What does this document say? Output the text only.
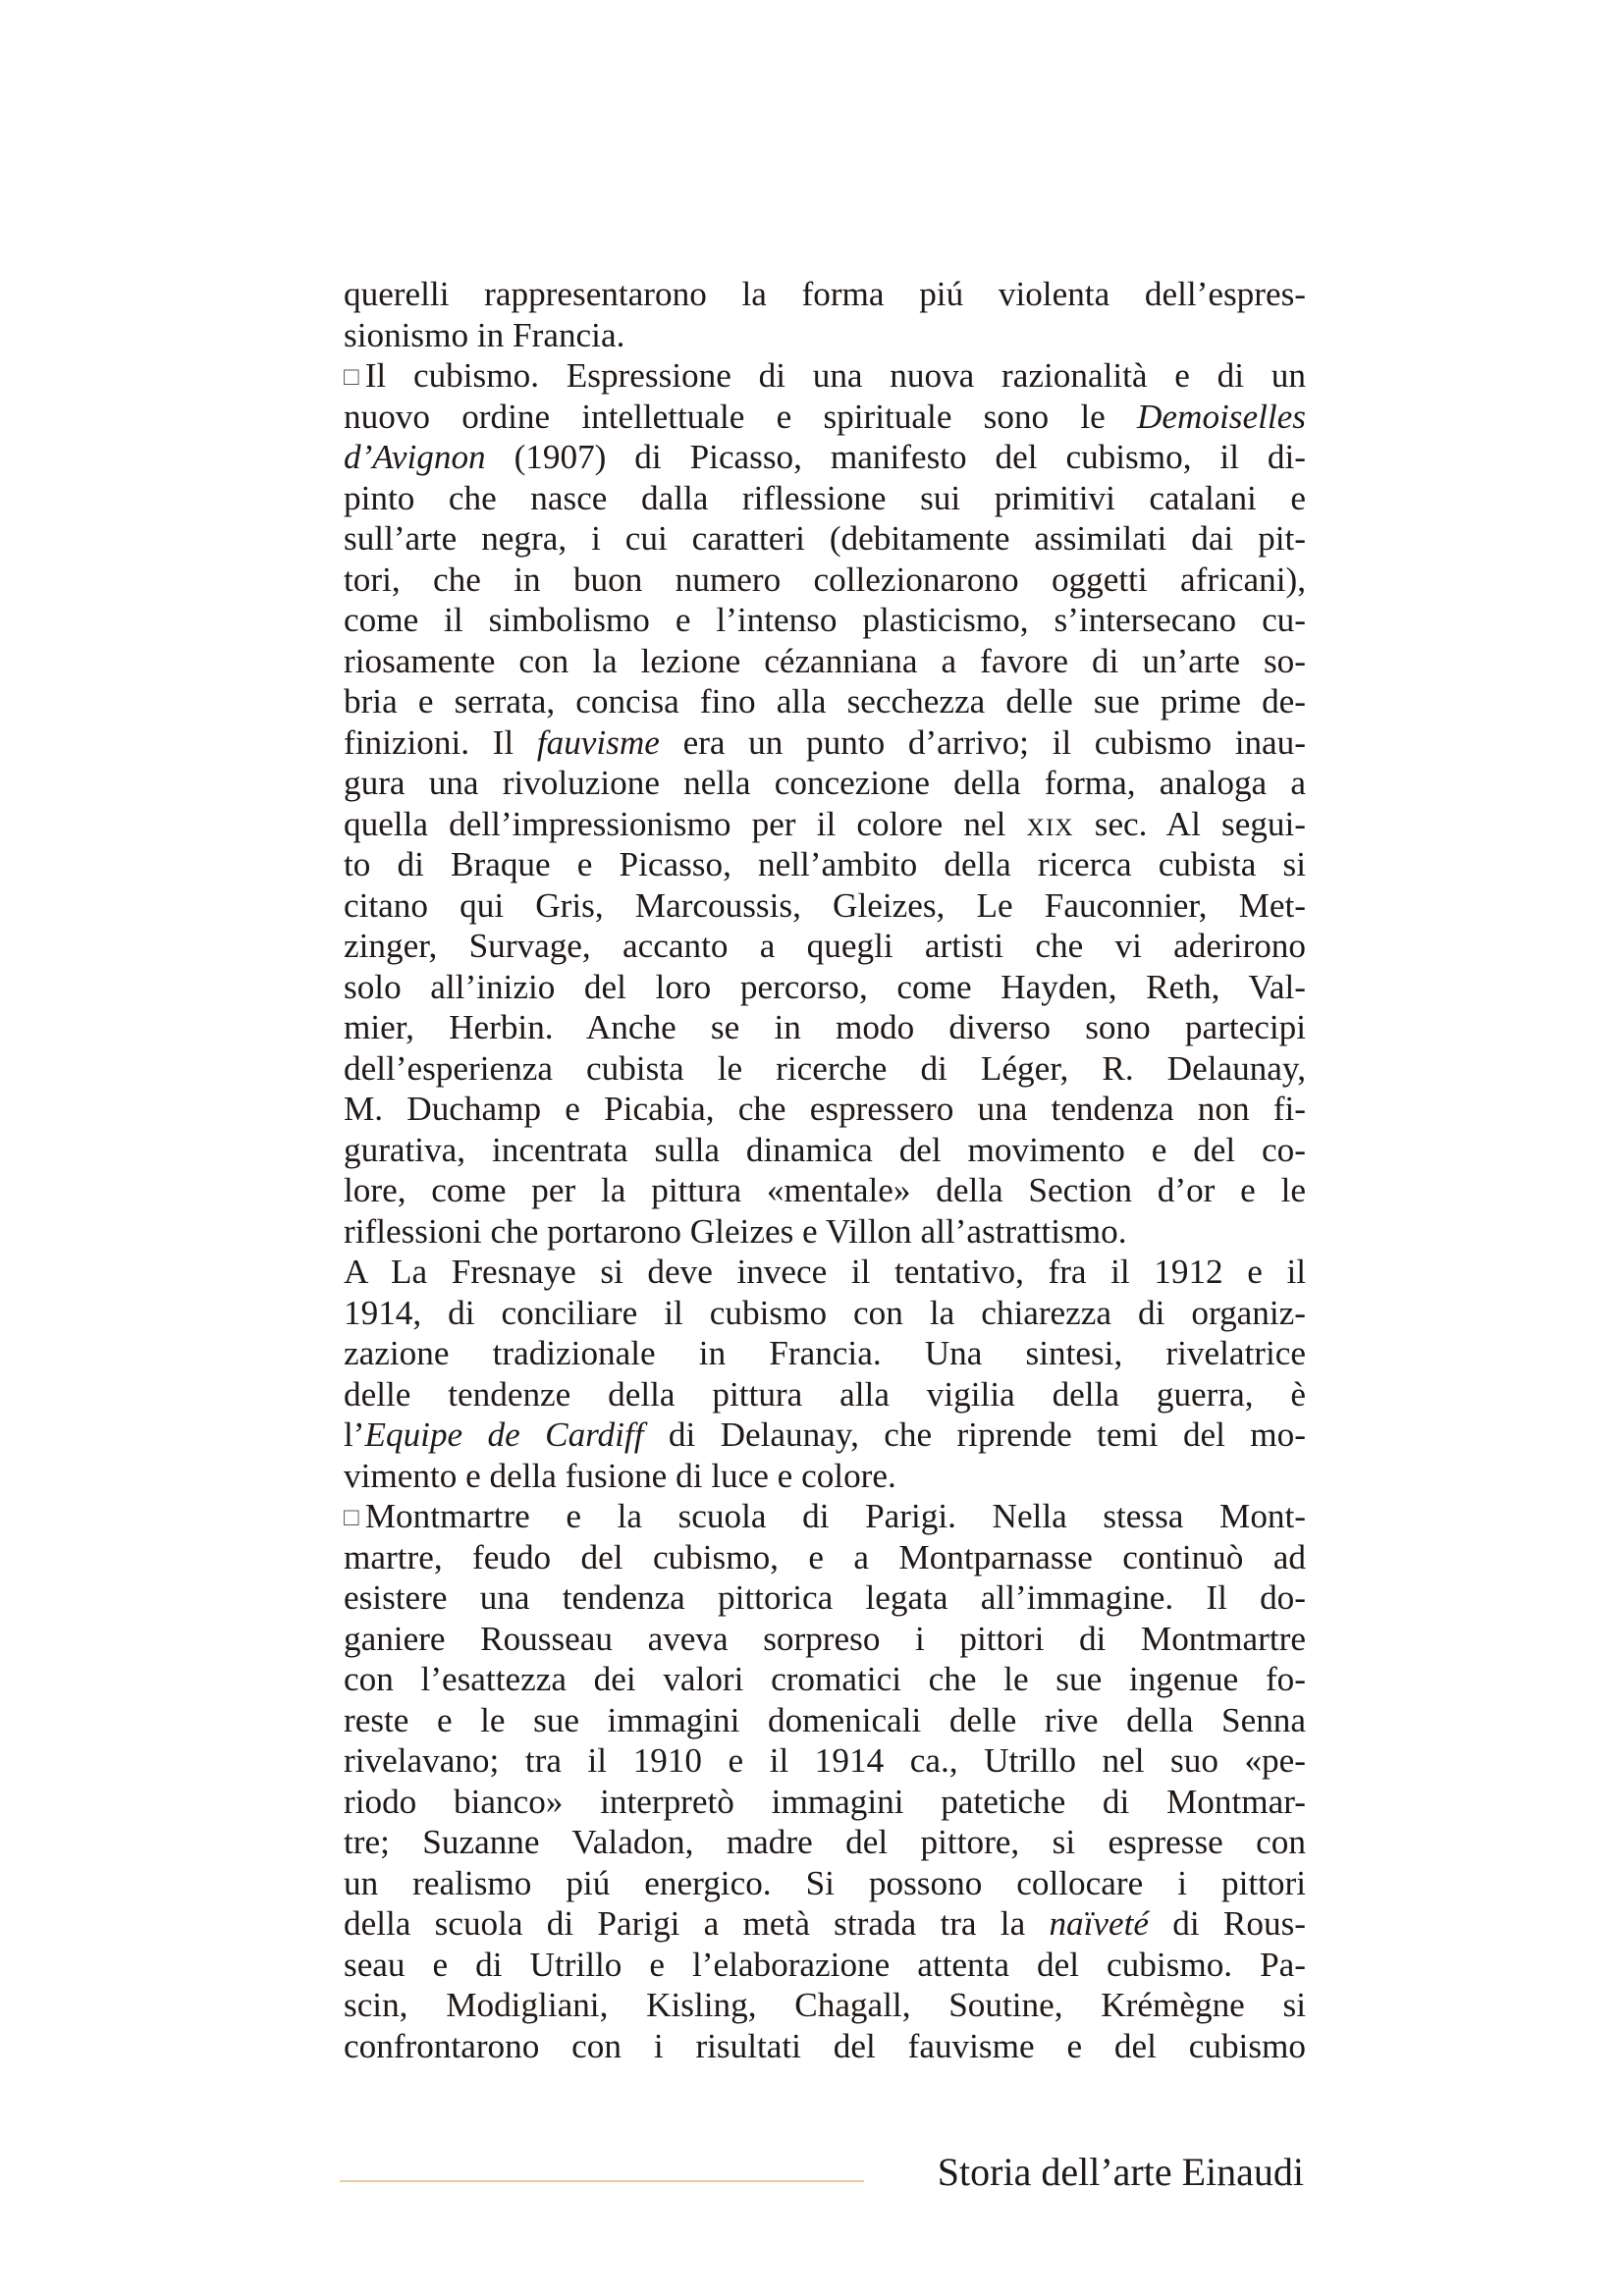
querelli rappresentarono la forma piú violenta dell’espres-
sionismo in Francia.
□ Il cubismo. Espressione di una nuova razionalità e di un
nuovo ordine intellettuale e spirituale sono le Demoiselles
d’Avignon (1907) di Picasso, manifesto del cubismo, il di-
pinto che nasce dalla riflessione sui primitivi catalani e
sull’arte negra, i cui caratteri (debitamente assimilati dai pit-
tori, che in buon numero collezionarono oggetti africani),
come il simbolismo e l’intenso plasticismo, s’intersecano cu-
riosamente con la lezione cézanniana a favore di un’arte so-
bria e serrata, concisa fino alla secchezza delle sue prime de-
finizioni. Il fauvisme era un punto d’arrivo; il cubismo inau-
gura una rivoluzione nella concezione della forma, analoga a
quella dell’impressionismo per il colore nel XIX sec. Al segui-
to di Braque e Picasso, nell’ambito della ricerca cubista si
citano qui Gris, Marcoussis, Gleizes, Le Fauconnier, Met-
zinger, Survage, accanto a quegli artisti che vi aderirono
solo all’inizio del loro percorso, come Hayden, Reth, Val-
mier, Herbin. Anche se in modo diverso sono partecipi
dell’esperienza cubista le ricerche di Léger, R. Delaunay,
M. Duchamp e Picabia, che espressero una tendenza non fi-
gurativa, incentrata sulla dinamica del movimento e del co-
lore, come per la pittura «mentale» della Section d’or e le
riflessioni che portarono Gleizes e Villon all’astrattismo.
A La Fresnaye si deve invece il tentativo, fra il 1912 e il
1914, di conciliare il cubismo con la chiarezza di organiz-
zazione tradizionale in Francia. Una sintesi, rivelatrice
delle tendenze della pittura alla vigilia della guerra, è
l’Equipe de Cardiff di Delaunay, che riprende temi del mo-
vimento e della fusione di luce e colore.
□ Montmartre e la scuola di Parigi. Nella stessa Mont-
martre, feudo del cubismo, e a Montparnasse continuò ad
esistere una tendenza pittorica legata all’immagine. Il do-
ganiere Rousseau aveva sorpreso i pittori di Montmartre
con l’esattezza dei valori cromatici che le sue ingenue fo-
reste e le sue immagini domenicali delle rive della Senna
rivelavano; tra il 1910 e il 1914 ca., Utrillo nel suo «pe-
riodo bianco» interpretò immagini patetiche di Montmar-
tre; Suzanne Valadon, madre del pittore, si espresse con
un realismo piú energico. Si possono collocare i pittori
della scuola di Parigi a metà strada tra la naïveté di Rous-
seau e di Utrillo e l’elaborazione attenta del cubismo. Pa-
scin, Modigliani, Kisling, Chagall, Soutine, Krémègne si
confrontarono con i risultati del fauvisme e del cubismo
Storia dell’arte Einaudi
